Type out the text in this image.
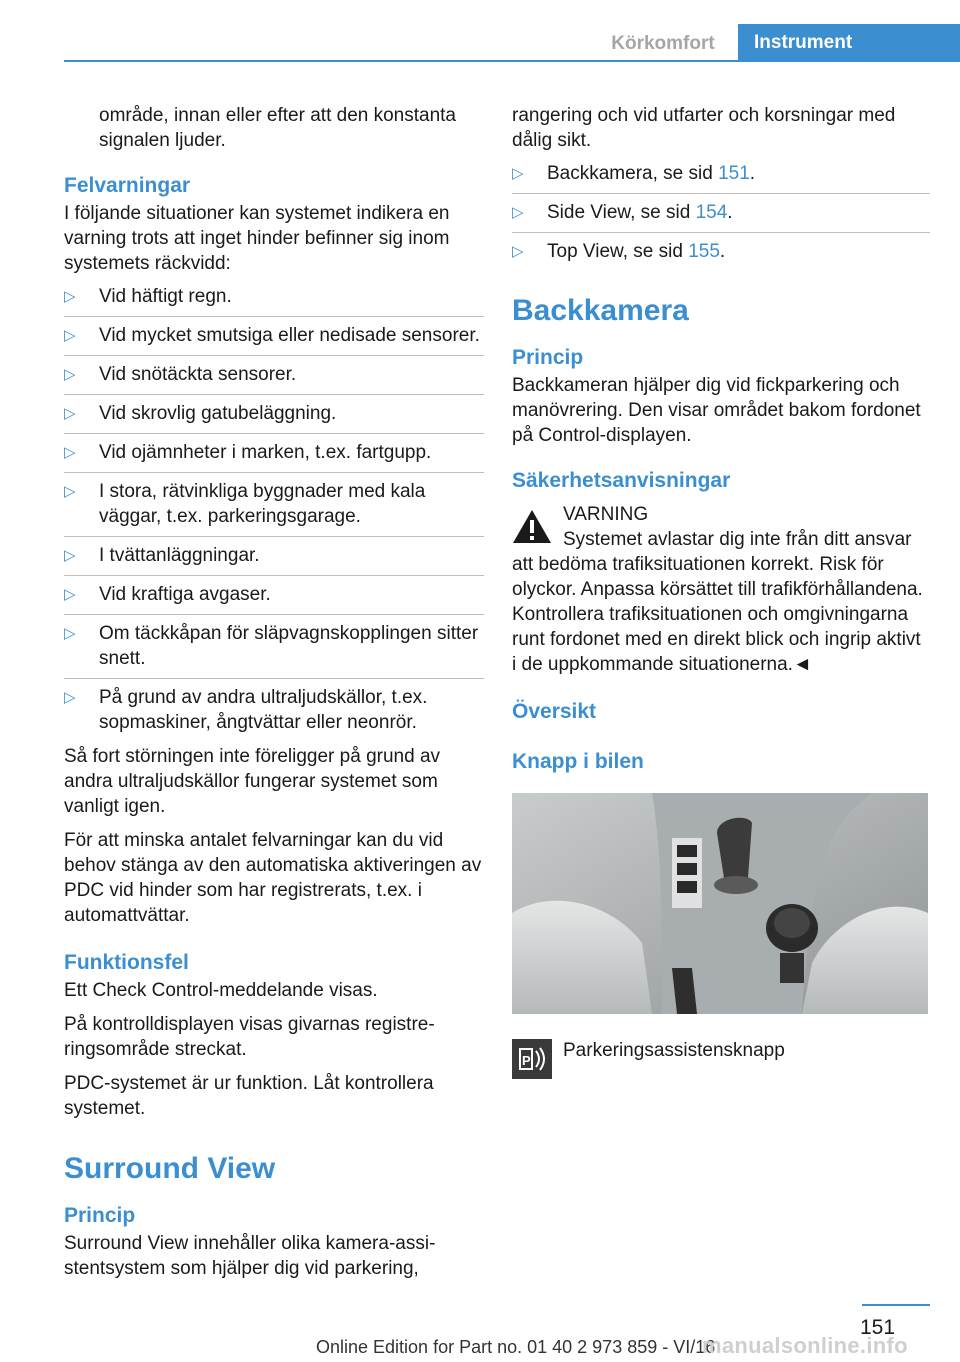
Körkomfort	Instrument

område, innan eller efter att den konstanta signalen ljuder.

Felvarningar

I följande situationer kan systemet indikera en varning trots att inget hinder befinner sig inom systemets räckvidd:

▷	Vid häftigt regn.
▷	Vid mycket smutsiga eller nedisade sensorer.
▷	Vid snötäckta sensorer.
▷	Vid skrovlig gatubeläggning.
▷	Vid ojämnheter i marken, t.ex. fartgupp.
▷	I stora, rätvinkliga byggnader med kala väggar, t.ex. parkeringsgarage.
▷	I tvättanläggningar.
▷	Vid kraftiga avgaser.
▷	Om täckkåpan för släpvagnskopplingen sitter snett.
▷	På grund av andra ultraljudskällor, t.ex. sopmaskiner, ångtvättar eller neonrör.

Så fort störningen inte föreligger på grund av andra ultraljudskällor fungerar systemet som vanligt igen.

För att minska antalet felvarningar kan du vid behov stänga av den automatiska aktiveringen av PDC vid hinder som har registrerats, t.ex. i automattvättar.

Funktionsfel

Ett Check Control-meddelande visas.

På kontrolldisplayen visas givarnas registreringsområde streckat.

PDC-systemet är ur funktion. Låt kontrollera systemet.

Surround View
Princip

Surround View innehåller olika kamera-assistentsystem som hjälper dig vid parkering,

rangering och vid utfarter och korsningar med dålig sikt.

▷	Backkamera, se sid 151.
▷	Side View, se sid 154.
▷	Top View, se sid 155.
Backkamera
Princip

Backkameran hjälper dig vid fickparkering och manövrering. Den visar området bakom fordonet på Control-displayen.

Säkerhetsanvisningar

VARNING

Systemet avlastar dig inte från ditt ansvar

att bedöma trafiksituationen korrekt. Risk för olyckor. Anpassa körsättet till trafikförhållandena. Kontrollera trafiksituationen och omgivningarna runt fordonet med en direkt blick och ingrip aktivt i de uppkommande situationerna.◄

Översikt
Knapp i bilen
P Parkeringsassistensknapp
151
Online Edition for Part no. 01 40 2 973 859 - VI/16
manualsonline.info
